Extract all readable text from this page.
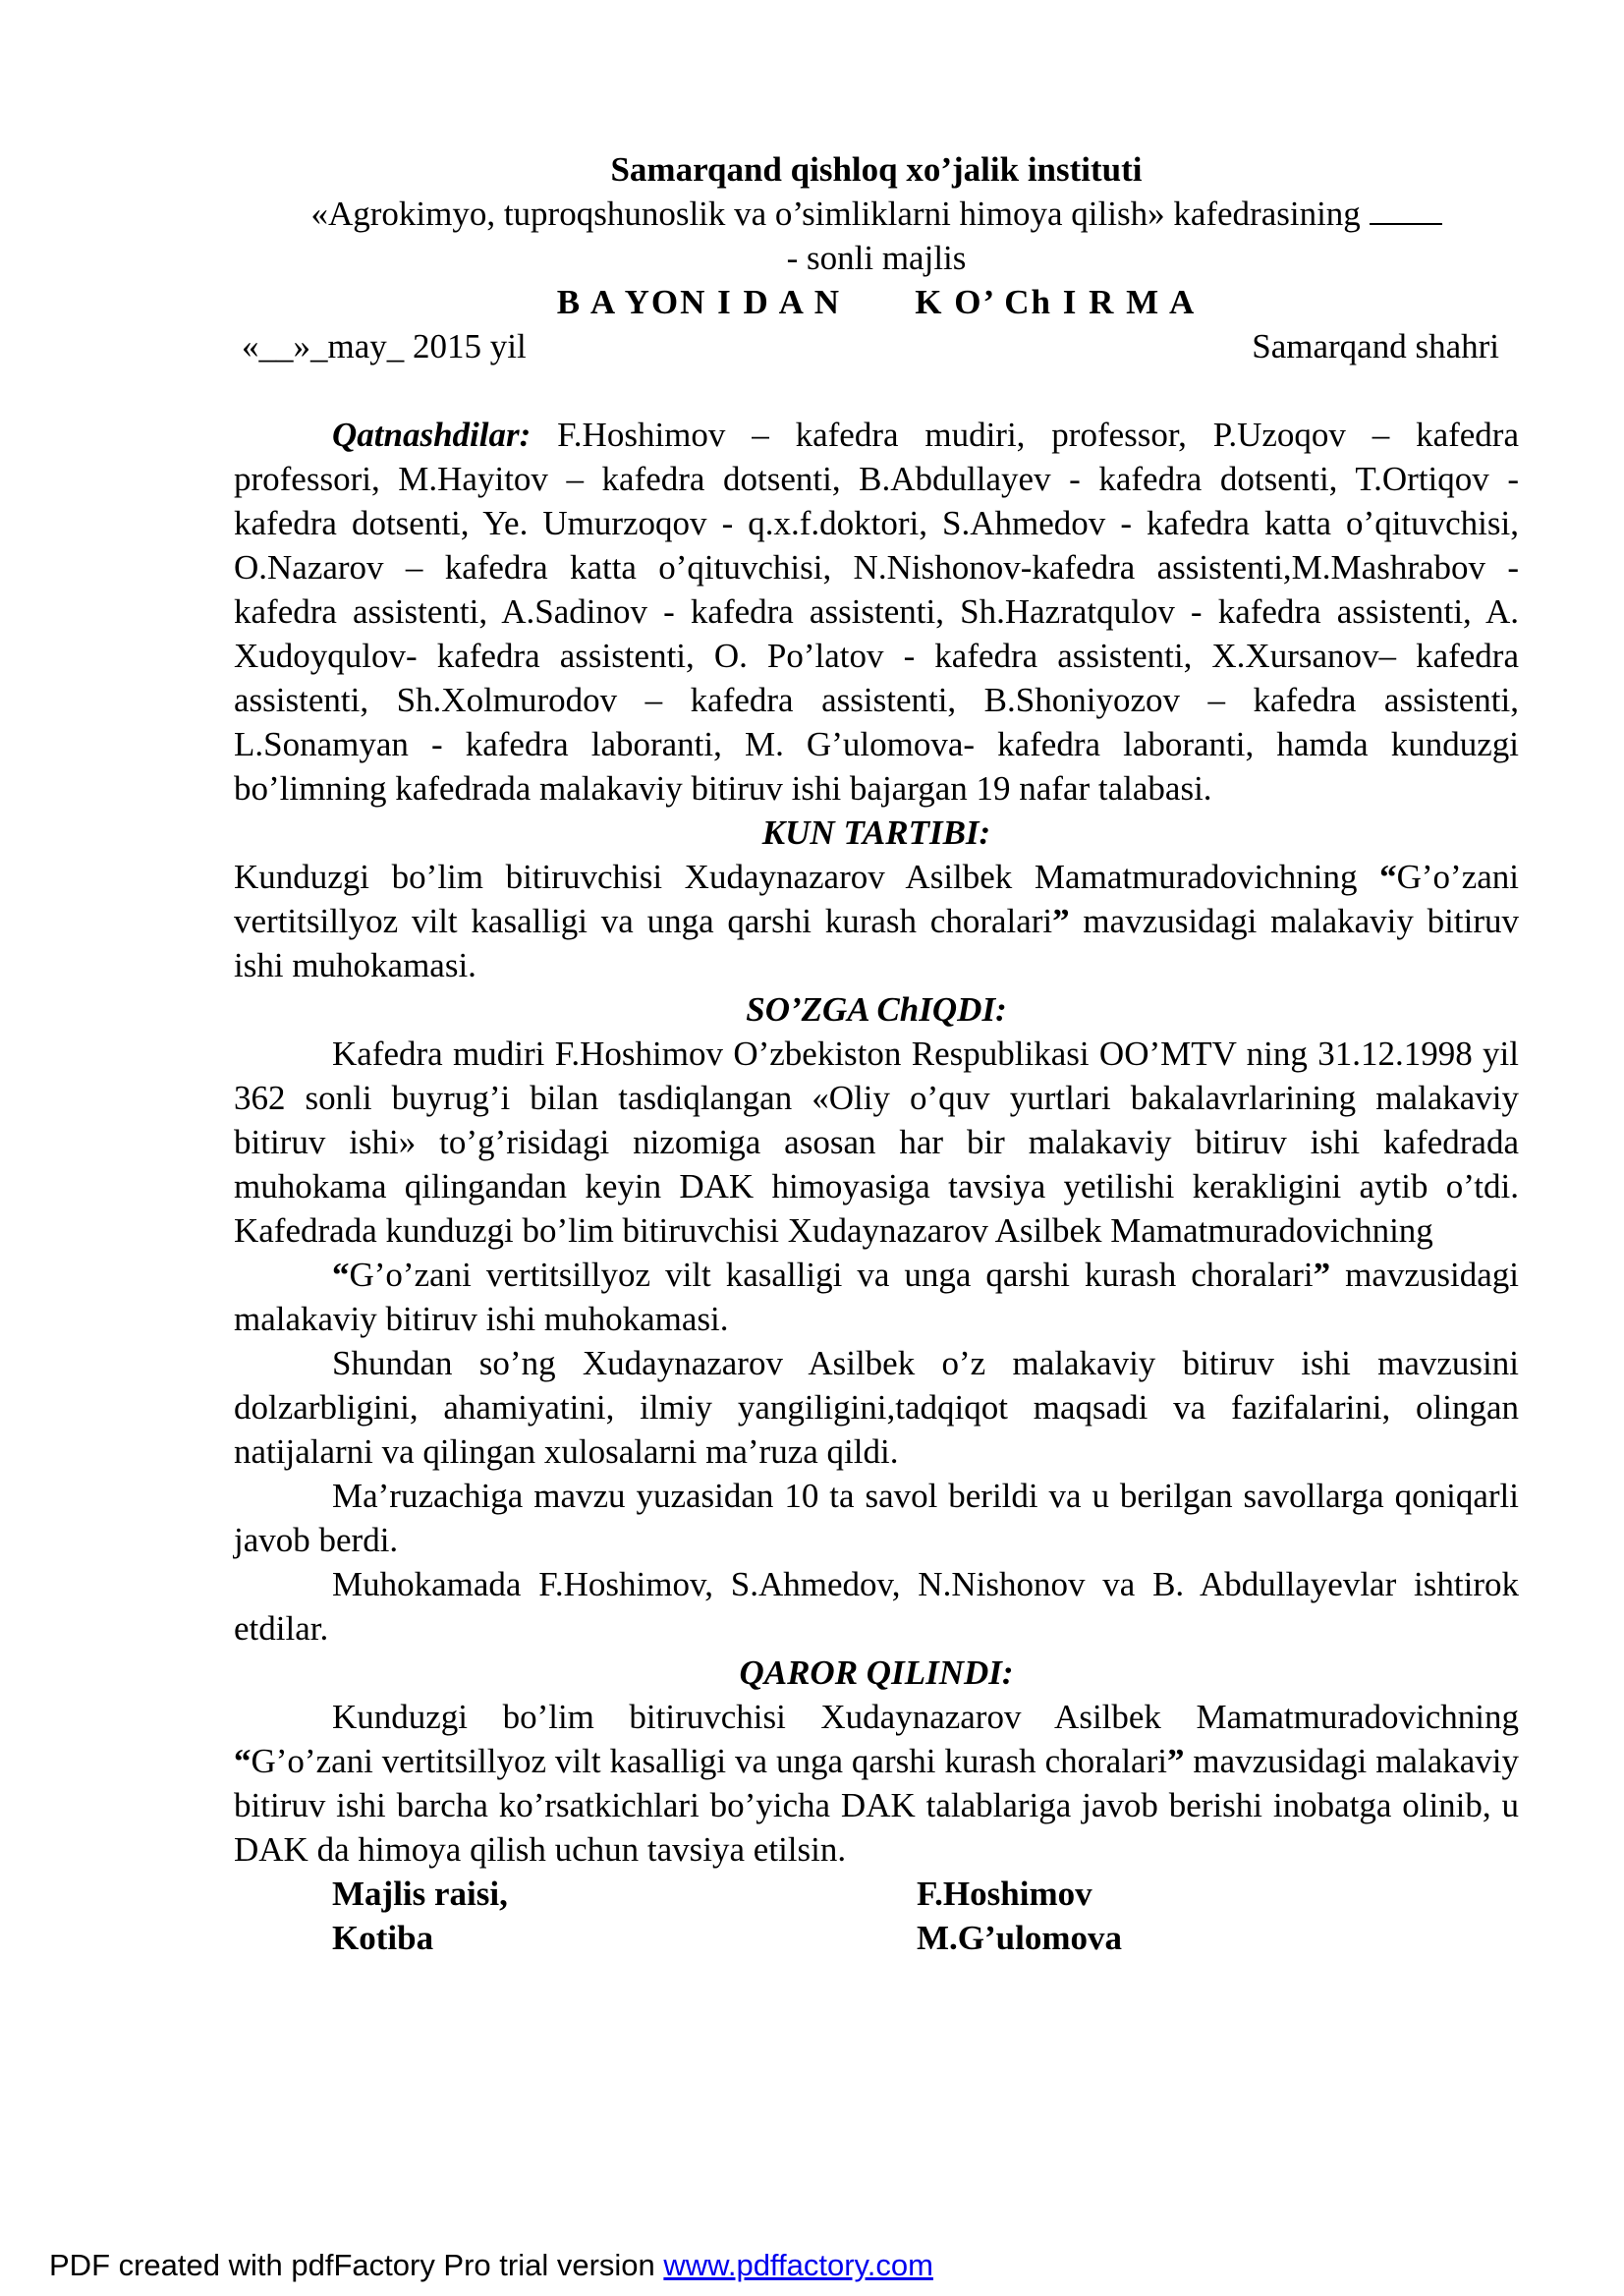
Samarqand qishloq xo’jalik instituti

«Agrokimyo, tuproqshunoslik va o’simliklarni himoya qilish» kafedrasining

- sonli majlis

B A YON I D A N       K O’ Ch I R M A

«__»_may_ 2015 yil	Samarqand shahri

Qatnashdilar: F.Hoshimov – kafedra mudiri, professor, P.Uzoqov – kafedra professori, M.Hayitov – kafedra dotsenti, B.Abdullayev - kafedra dotsenti, T.Ortiqov - kafedra dotsenti, Ye. Umurzoqov - q.x.f.doktori, S.Ahmedov - kafedra katta o’qituvchisi, O.Nazarov – kafedra katta o’qituvchisi, N.Nishonov-kafedra assistenti,M.Mashrabov - kafedra assistenti, A.Sadinov - kafedra assistenti, Sh.Hazratqulov - kafedra assistenti, A. Xudoyqulov- kafedra assistenti, O. Po’latov - kafedra assistenti, X.Xursanov– kafedra assistenti, Sh.Xolmurodov – kafedra assistenti, B.Shoniyozov – kafedra assistenti, L.Sonamyan - kafedra laboranti, M. G’ulomova- kafedra laboranti, hamda kunduzgi bo’limning kafedrada malakaviy bitiruv ishi bajargan 19 nafar talabasi.

KUN TARTIBI:

Kunduzgi bo’lim bitiruvchisi Xudaynazarov Asilbek Mamatmuradovichning “G’o’zani vertitsillyoz vilt kasalligi va unga qarshi kurash choralari” mavzusidagi malakaviy bitiruv ishi muhokamasi.

SO’ZGA ChIQDI:

Kafedra mudiri F.Hoshimov O’zbekiston Respublikasi OO’MTV ning 31.12.1998 yil 362 sonli buyrug’i bilan tasdiqlangan «Oliy o’quv yurtlari bakalavrlarining malakaviy bitiruv ishi» to’g’risidagi nizomiga asosan har bir malakaviy bitiruv ishi kafedrada muhokama qilingandan keyin DAK himoyasiga tavsiya yetilishi kerakligini aytib o’tdi. Kafedrada kunduzgi bo’lim bitiruvchisi Xudaynazarov Asilbek Mamatmuradovichning

“G’o’zani vertitsillyoz vilt kasalligi va unga qarshi kurash choralari” mavzusidagi malakaviy bitiruv ishi muhokamasi.

Shundan so’ng Xudaynazarov Asilbek o’z malakaviy bitiruv ishi mavzusini dolzarbligini, ahamiyatini, ilmiy yangiligini,tadqiqot maqsadi va fazifalarini, olingan natijalarni va qilingan xulosalarni ma’ruza qildi.

Ma’ruzachiga mavzu yuzasidan 10 ta savol berildi va u berilgan savollarga qoniqarli javob berdi.

Muhokamada F.Hoshimov, S.Ahmedov, N.Nishonov va B. Abdullayevlar ishtirok etdilar.

QAROR QILINDI:

Kunduzgi bo’lim bitiruvchisi Xudaynazarov Asilbek Mamatmuradovichning “G’o’zani vertitsillyoz vilt kasalligi va unga qarshi kurash choralari” mavzusidagi malakaviy bitiruv ishi barcha ko’rsatkichlari bo’yicha DAK talablariga javob berishi inobatga olinib, u DAK da himoya qilish uchun tavsiya etilsin.

Majlis raisi,	F.Hoshimov
Kotiba	M.G’ulomova
PDF created with pdfFactory Pro trial version www.pdffactory.com
